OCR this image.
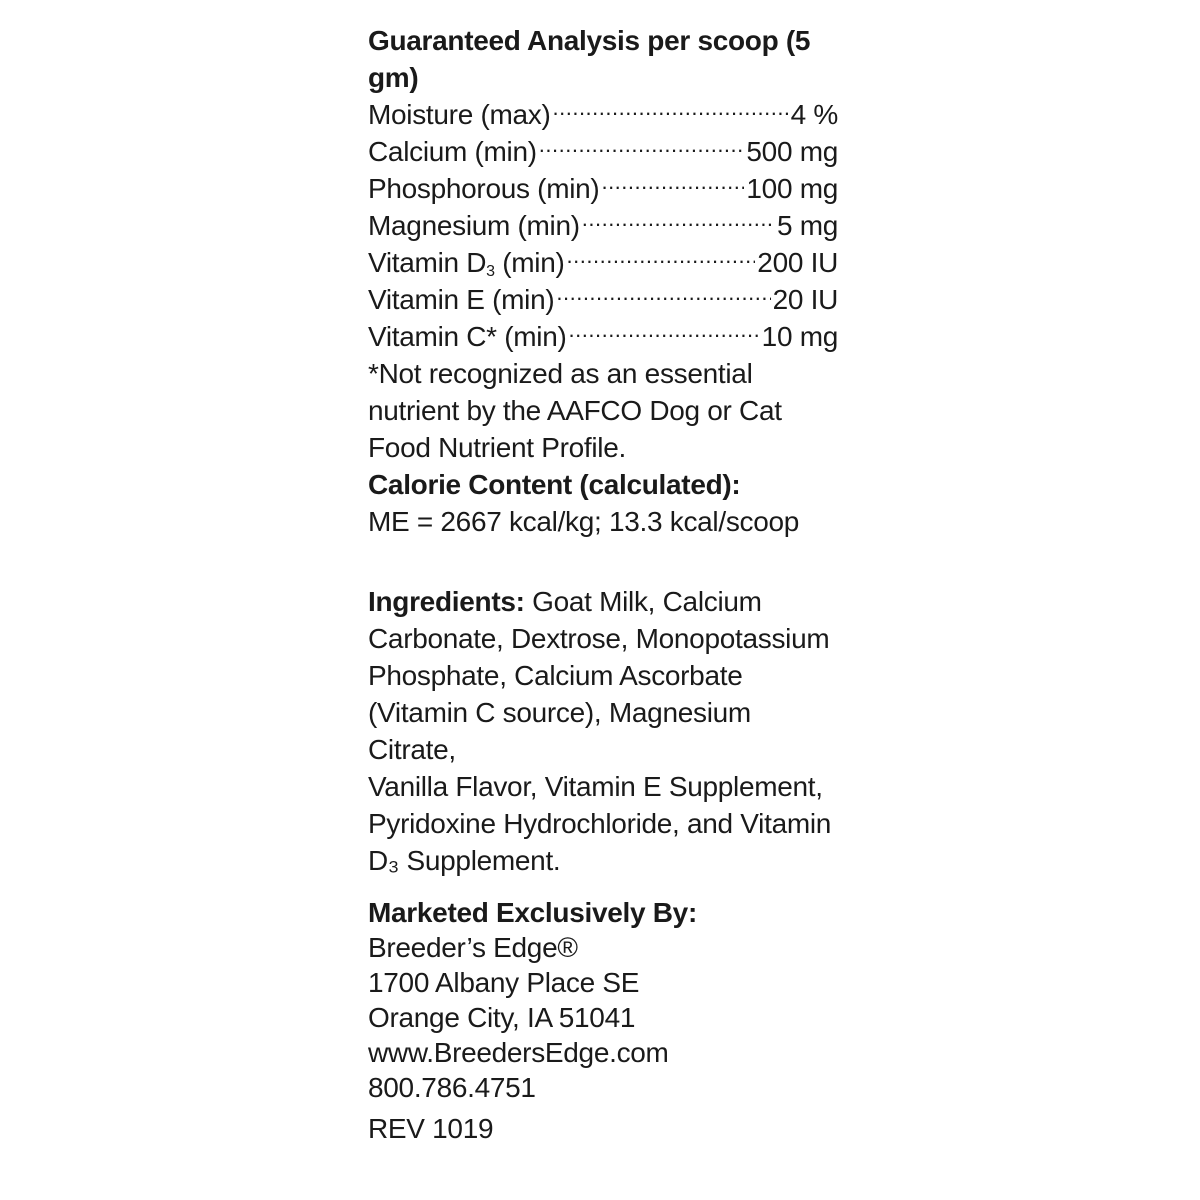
Guaranteed Analysis per scoop (5 gm)
Moisture (max) .....	4 %
Calcium (min) .....	500 mg
Phosphorous (min) .....	100 mg
Magnesium (min) .....	5 mg
Vitamin $D_3$ (min) .....	200 IU
Vitamin E (min) .....	20 IU
Vitamin C* (min) .....	10 mg
*Not recognized as an essential
nutrient by the AAFCO Dog or Cat
Food Nutrient Profile.
Calorie Content (calculated):
ME = 2667 kcal/kg; 13.3 kcal/scoop
Ingredients: Goat Milk, Calcium
Carbonate, Dextrose, Monopotassium
Phosphate, Calcium Ascorbate
(Vitamin C source), Magnesium Citrate,
Vanilla Flavor, Vitamin E Supplement,
Pyridoxine Hydrochloride, and Vitamin
D₃ Supplement.
Marketed Exclusively By:
Breeder’s Edge®
1700 Albany Place SE
Orange City, IA 51041
www.BreedersEdge.com
800.786.4751
REV 1019
